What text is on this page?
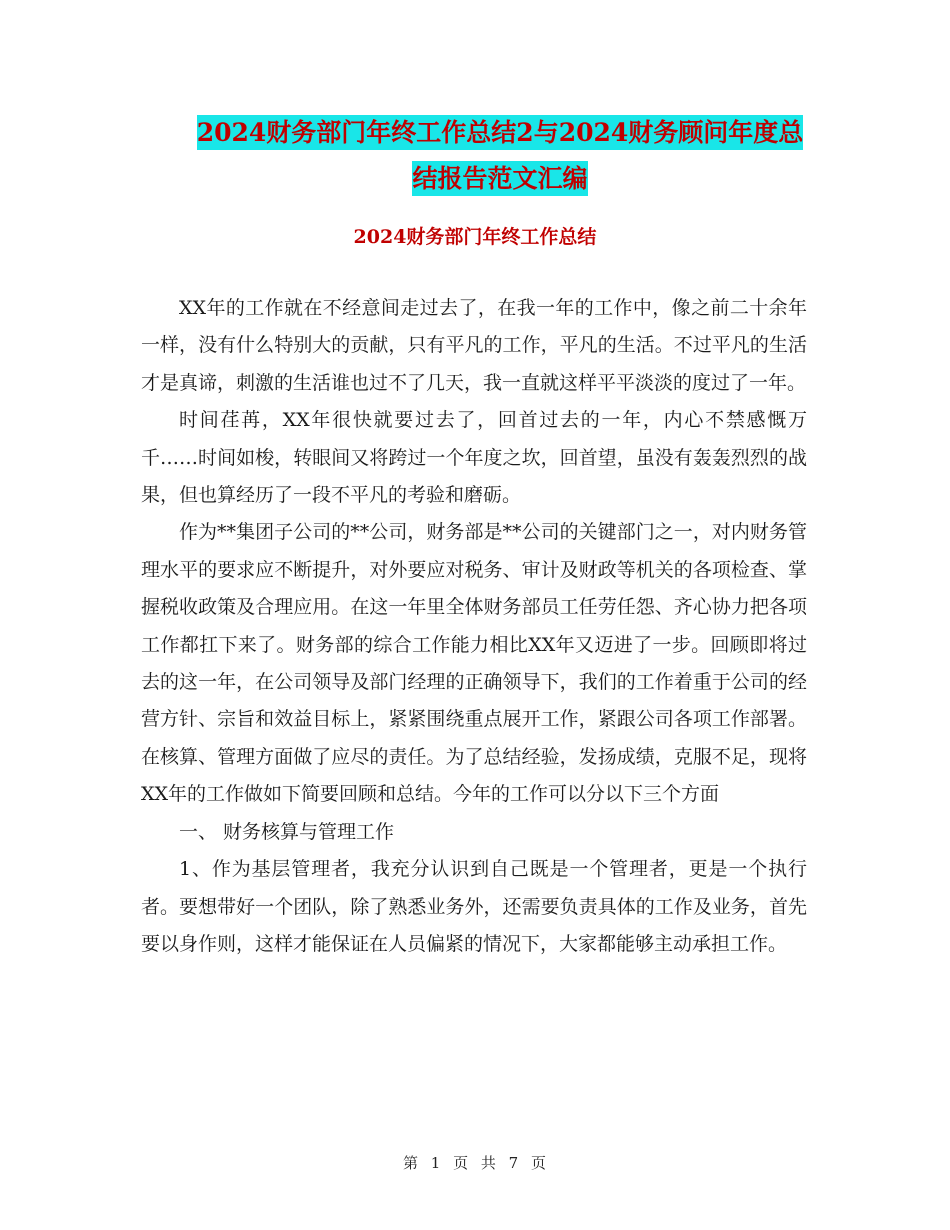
2024财务部门年终工作总结2与2024财务顾问年度总
结报告范文汇编
2024财务部门年终工作总结

XX年的工作就在不经意间走过去了，在我一年的工作中，像之前二十余年一样，没有什么特别大的贡献，只有平凡的工作，平凡的生活。不过平凡的生活才是真谛，刺激的生活谁也过不了几天，我一直就这样平平淡淡的度过了一年。

时间荏苒，XX年很快就要过去了，回首过去的一年，内心不禁感慨万千……时间如梭，转眼间又将跨过一个年度之坎，回首望，虽没有轰轰烈烈的战果，但也算经历了一段不平凡的考验和磨砺。

作为**集团子公司的**公司，财务部是**公司的关键部门之一，对内财务管理水平的要求应不断提升，对外要应对税务、审计及财政等机关的各项检查、掌握税收政策及合理应用。在这一年里全体财务部员工任劳任怨、齐心协力把各项工作都扛下来了。财务部的综合工作能力相比XX年又迈进了一步。回顾即将过去的这一年，在公司领导及部门经理的正确领导下，我们的工作着重于公司的经营方针、宗旨和效益目标上，紧紧围绕重点展开工作，紧跟公司各项工作部署。在核算、管理方面做了应尽的责任。为了总结经验，发扬成绩，克服不足，现将XX年的工作做如下简要回顾和总结。今年的工作可以分以下三个方面

一、 财务核算与管理工作

1、作为基层管理者，我充分认识到自己既是一个管理者，更是一个执行者。要想带好一个团队，除了熟悉业务外，还需要负责具体的工作及业务，首先要以身作则，这样才能保证在人员偏紧的情况下，大家都能够主动承担工作。

第 1 页 共 7 页
